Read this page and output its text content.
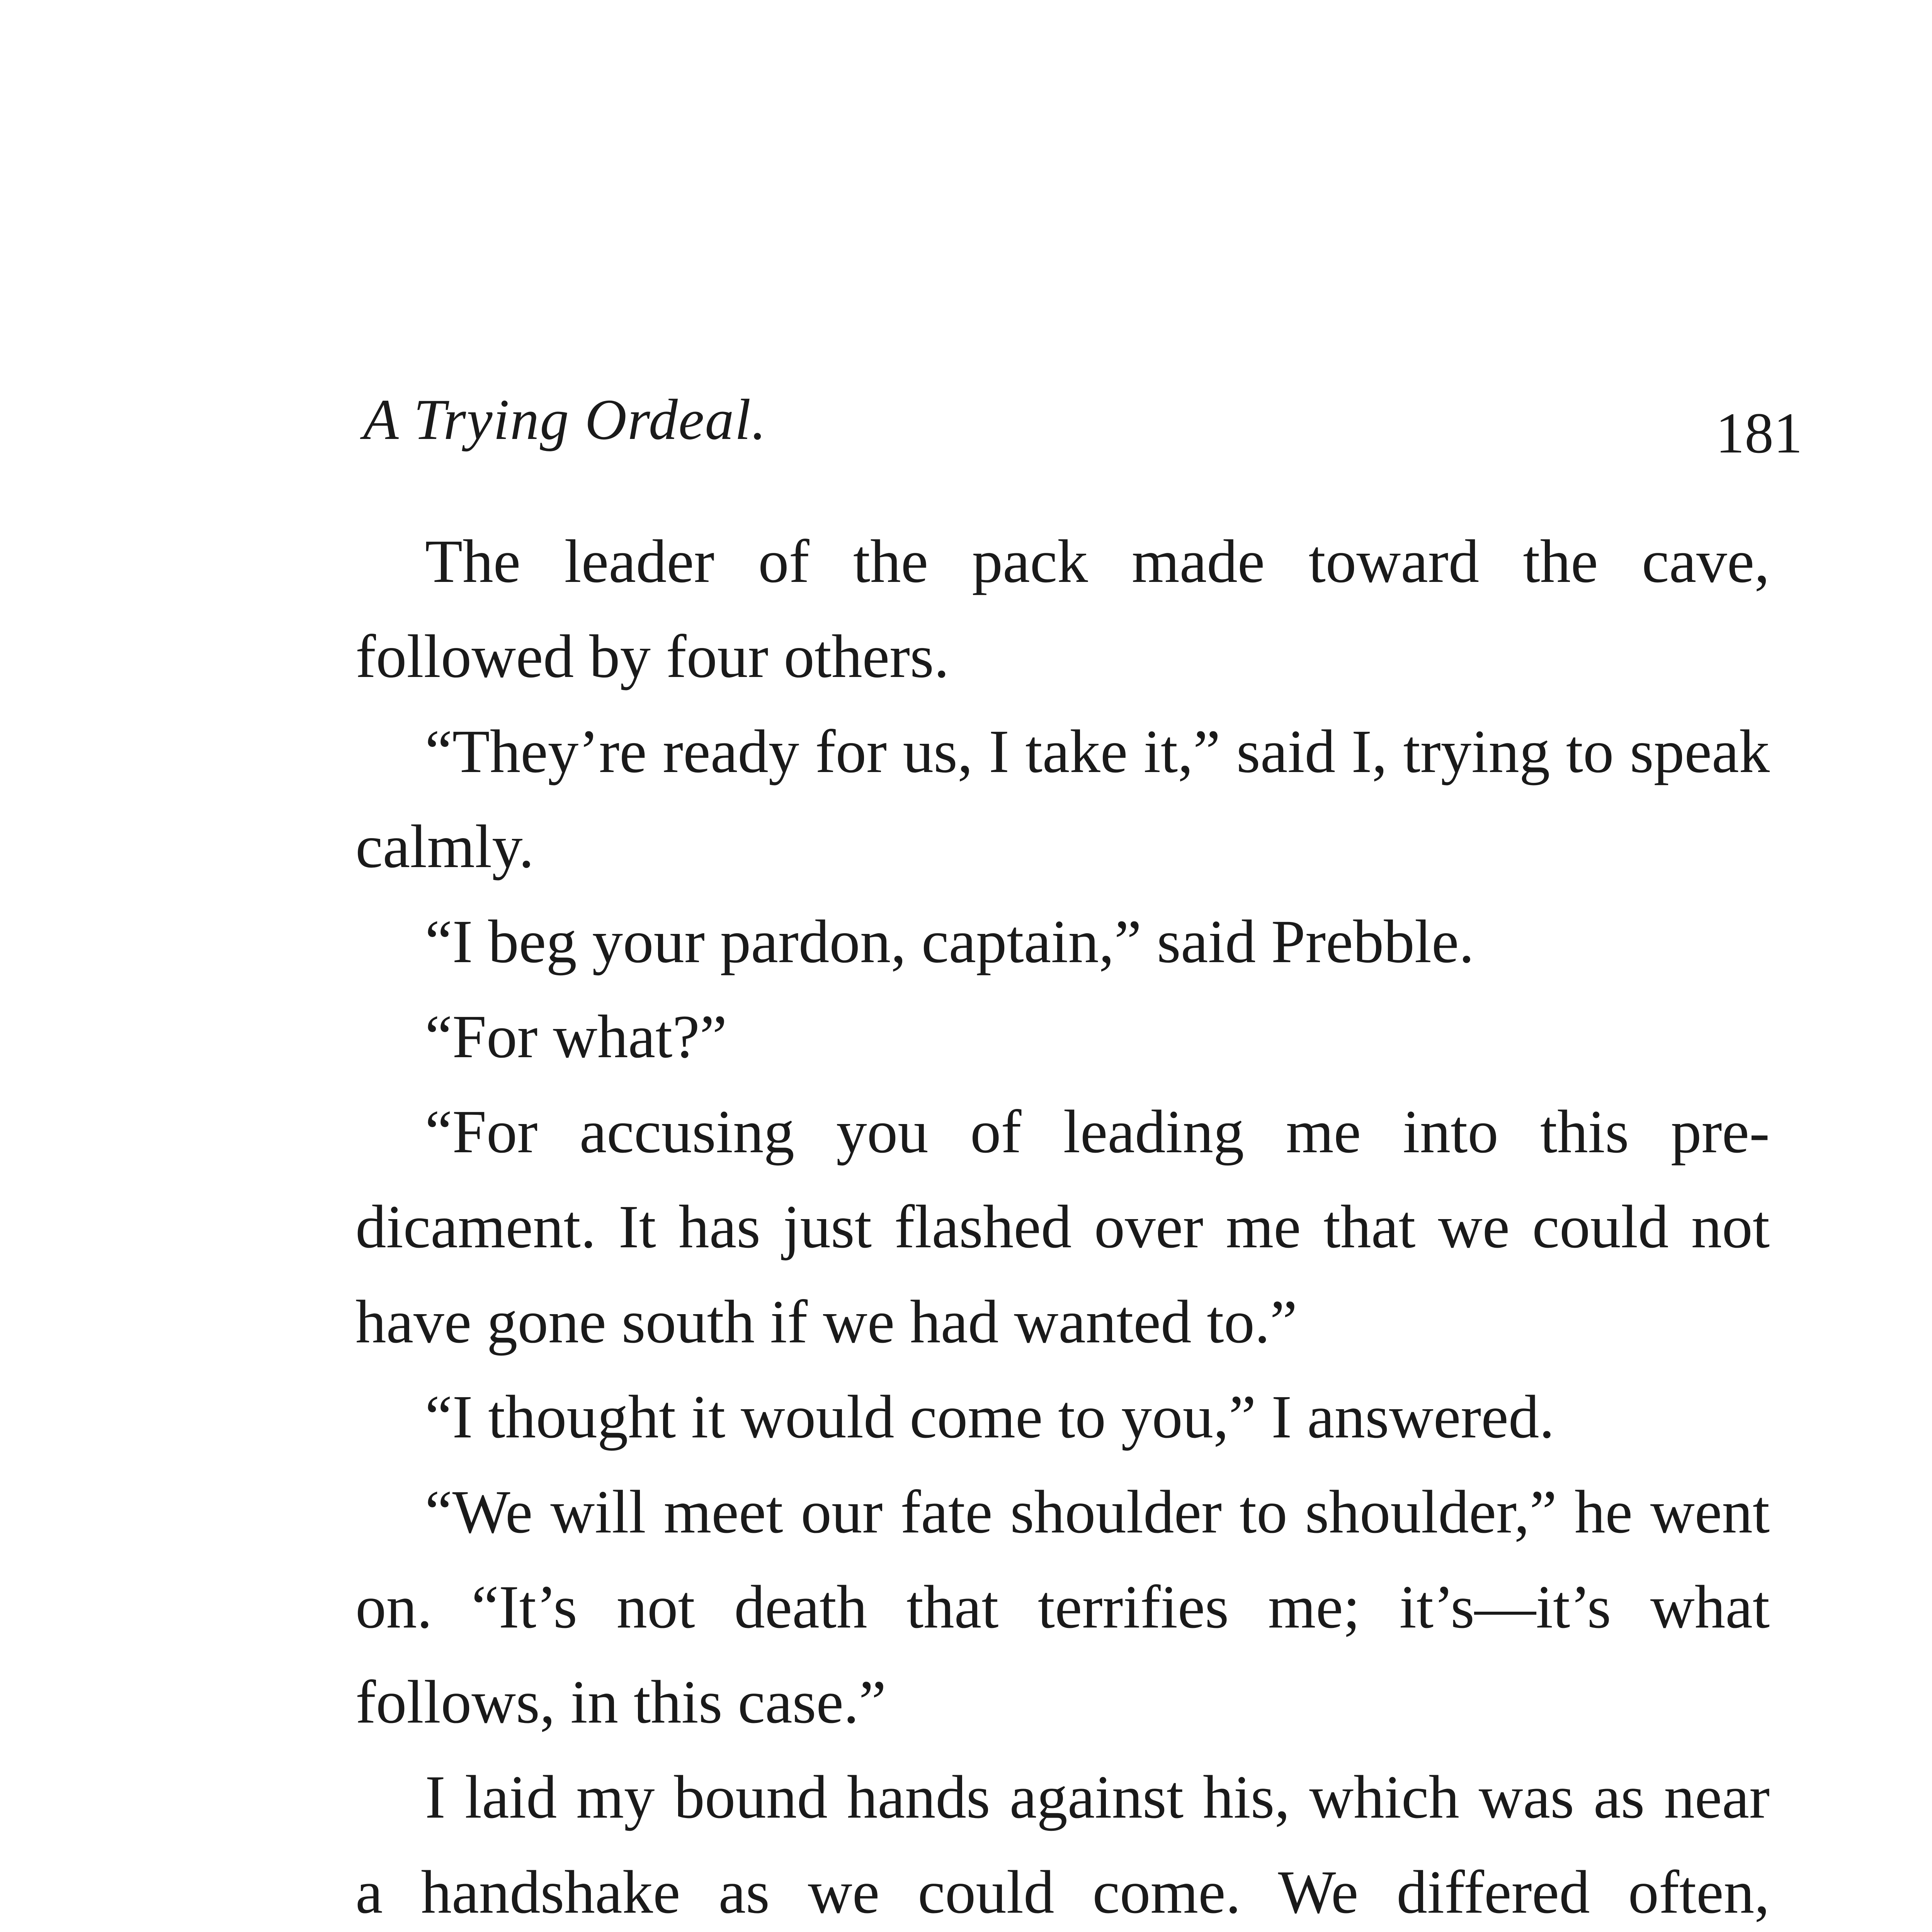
A Trying Ordeal.	181

The leader of the pack made toward the cave, followed by four others.

“They’re ready for us, I take it,” said I, trying to speak calmly.

“I beg your pardon, captain,” said Prebble.

“For what?”

“For accusing you of leading me into this predicament. It has just flashed over me that we could not have gone south if we had wanted to.”

“I thought it would come to you,” I answered.

“We will meet our fate shoulder to shoulder,” he went on. “It’s not death that terrifies me; it’s—it’s what follows, in this case.”

I laid my bound hands against his, which was as near a handshake as we could come. We differed often,
